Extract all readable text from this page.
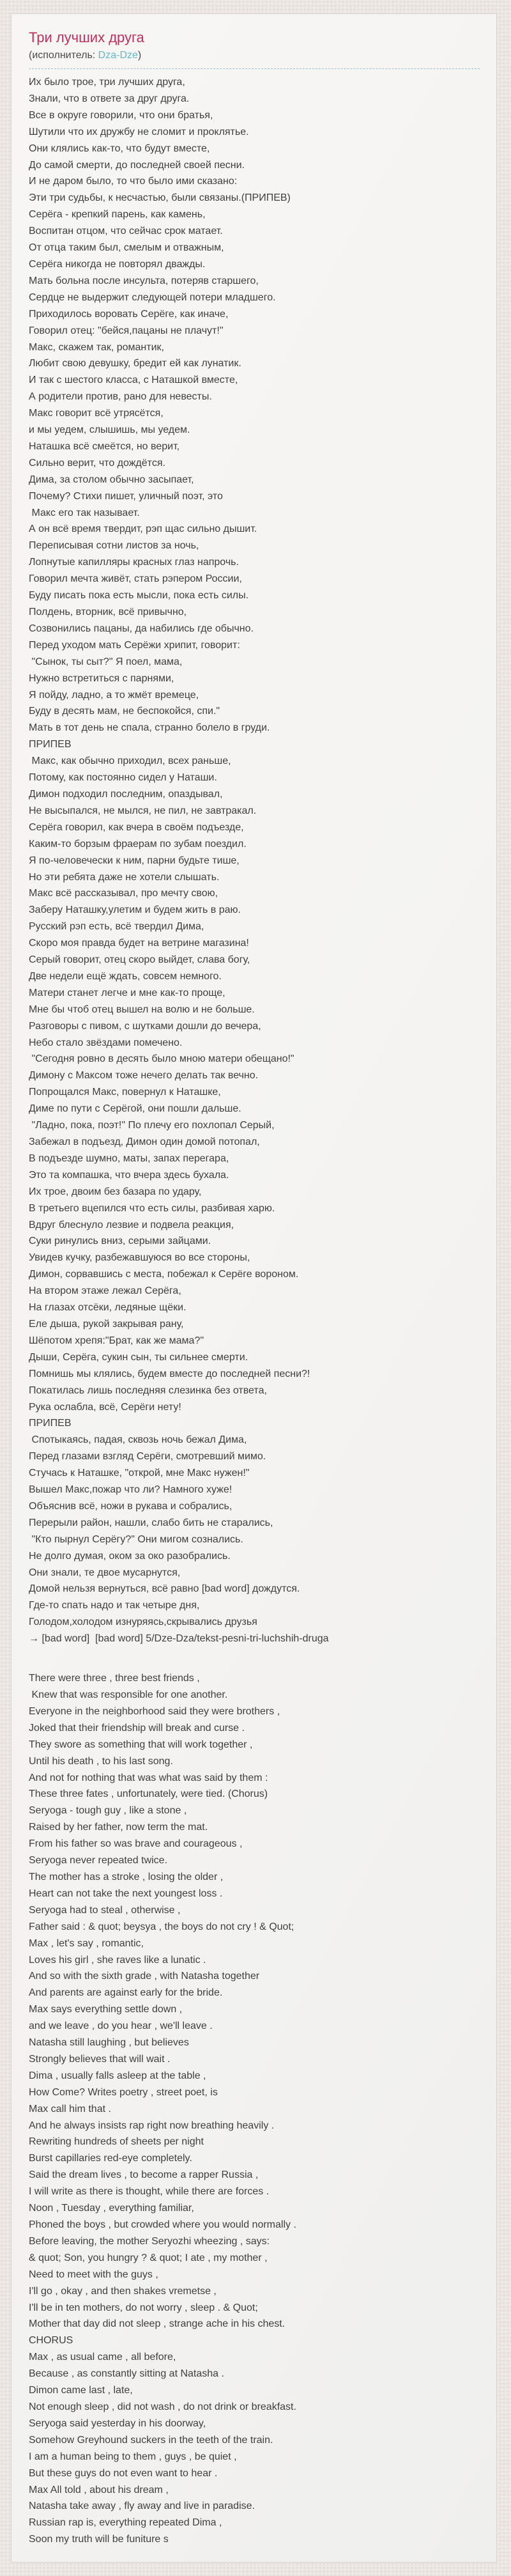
Три лучших друга
(исполнитель: Dza-Dze)
Их было трое, три лучших друга,
Знали, что в ответе за друг друга.
Все в округе говорили, что они братья,
Шутили что их дружбу не сломит и проклятье.
Они клялись как-то, что будут вместе,
До самой смерти, до последней своей песни.
И не даром было, то что было ими сказано:
Эти три судьбы, к несчастью, были связаны.(ПРИПЕВ)
Серёга - крепкий парень, как камень,
Воспитан отцом, что сейчас срок матает.
От отца таким был, смелым и отважным,
Серёга никогда не повторял дважды.
Мать больна после инсульта, потеряв старшего,
Сердце не выдержит следующей потери младшего.
Приходилось воровать Серёге, как иначе,
Говорил отец: "бейся,пацаны не плачут!"
Макс, скажем так, романтик,
Любит свою девушку, бредит ей как лунатик.
И так с шестого класса, с Наташкой вместе,
А родители против, рано для невесты.
Макс говорит всё утрясётся,
и мы уедем, слышишь, мы уедем.
Наташка всё смеётся, но верит,
Сильно верит, что дождётся.
Дима, за столом обычно засыпает,
Почему? Стихи пишет, уличный поэт, это
Макс его так называет.
А он всё время твердит, рэп щас сильно дышит.
Переписывая сотни листов за ночь,
Лопнутые капилляры красных глаз напрочь.
Говорил мечта живёт, стать рэпером России,
Буду писать пока есть мысли, пока есть силы.
Полдень, вторник, всё привычно,
Созвонились пацаны, да набились где обычно.
Перед уходом мать Серёжи хрипит, говорит:
"Сынок, ты сыт?" Я поел, мама,
Нужно встретиться с парнями,
Я пойду, ладно, а то жмёт времеце,
Буду в десять мам, не беспокойся, спи."
Мать в тот день не спала, странно болело в груди.
ПРИПЕВ
Макс, как обычно приходил, всех раньше,
Потому, как постоянно сидел у Наташи.
Димон подходил последним, опаздывал,
Не высыпался, не мылся, не пил, не завтракал.
Серёга говорил, как вчера в своём подъезде,
Каким-то борзым фраерам по зубам поездил.
Я по-человечески к ним, парни будьте тише,
Но эти ребята даже не хотели слышать.
Макс всё рассказывал, про мечту свою,
Заберу Наташку,улетим и будем жить в раю.
Русский рэп есть, всё твердил Дима,
Скоро моя правда будет на ветрине магазина!
Серый говорит, отец скоро выйдет, слава богу,
Две недели ещё ждать, совсем немного.
Матери станет легче и мне как-то проще,
Мне бы чтоб отец вышел на волю и не больше.
Разговоры с пивом, с шутками дошли до вечера,
Небо стало звёздами помечено.
"Сегодня ровно в десять было мною матери обещано!"
Димону с Максом тоже нечего делать так вечно.
Попрощался Макс, повернул к Наташке,
Диме по пути с Серёгой, они пошли дальше.
"Ладно, пока, поэт!" По плечу его похлопал Серый,
Забежал в подъезд, Димон один домой потопал,
В подъезде шумно, маты, запах перегара,
Это та компашка, что вчера здесь бухала.
Их трое, двоим без базара по удару,
В третьего вцепился что есть силы, разбивая харю.
Вдруг блеснуло лезвие и подвела реакция,
Суки ринулись вниз, серыми зайцами.
Увидев кучку, разбежавшуюся во все стороны,
Димон, сорвавшись с места, побежал к Серёге вороном.
На втором этаже лежал Серёга,
На глазах отсёки, ледяные щёки.
Еле дыша, рукой закрывая рану,
Шёпотом хрепя:"Брат, как же мама?"
Дыши, Серёга, сукин сын, ты сильнее смерти.
Помнишь мы клялись, будем вместе до последней песни?!
Покатилась лишь последняя слезинка без ответа,
Рука ослабла, всё, Серёги нету!
ПРИПЕВ
Спотыкаясь, падая, сквозь ночь бежал Дима,
Перед глазами взгляд Серёги, смотревший мимо.
Стучась к Наташке, "открой, мне Макс нужен!"
Вышел Макс,пожар что ли? Намного хуже!
Объяснив всё, ножи в рукава и собрались,
Перерыли район, нашли, слабо бить не старались,
"Кто пырнул Серёгу?" Они мигом сознались.
Не долго думая, оком за око разобрались.
Они знали, те двое мусарнутся,
Домой нельзя вернуться, всё равно [bad word] дождутся.
Где-то спать надо и так четыре дня,
Голодом,холодом изнуряясь,скрывались друзья
→ [bad word]  [bad word] 5/Dze-Dza/tekst-pesni-tri-luchshih-druga
There were three , three best friends ,
Knew that was responsible for one another.
Everyone in the neighborhood said they were brothers ,
Joked that their friendship will break and curse .
They swore as something that will work together ,
Until his death , to his last song.
And not for nothing that was what was said by them :
These three fates , unfortunately, were tied. (Chorus)
Seryoga - tough guy , like a stone ,
Raised by her father, now term the mat.
From his father so was brave and courageous ,
Seryoga never repeated twice.
The mother has a stroke , losing the older ,
Heart can not take the next youngest loss .
Seryoga had to steal , otherwise ,
Father said : & quot; beysya , the boys do not cry ! & Quot;
Max , let's say , romantic,
Loves his girl , she raves like a lunatic .
And so with the sixth grade , with Natasha together
And parents are against early for the bride.
Max says everything settle down ,
and we leave , do you hear , we'll leave .
Natasha still laughing , but believes
Strongly believes that will wait .
Dima , usually falls asleep at the table ,
How Come? Writes poetry , street poet, is
Max call him that .
And he always insists rap right now breathing heavily .
Rewriting hundreds of sheets per night
Burst capillaries red-eye completely.
Said the dream lives , to become a rapper Russia ,
I will write as there is thought, while there are forces .
Noon , Tuesday , everything familiar,
Phoned the boys , but crowded where you would normally .
Before leaving, the mother Seryozhi wheezing , says:
& quot; Son, you hungry ? & quot; I ate , my mother ,
Need to meet with the guys ,
I'll go , okay , and then shakes vremetse ,
I'll be in ten mothers, do not worry , sleep . & Quot;
Mother that day did not sleep , strange ache in his chest.
CHORUS
Max , as usual came , all before,
Because , as constantly sitting at Natasha .
Dimon came last , late,
Not enough sleep , did not wash , do not drink or breakfast.
Seryoga said yesterday in his doorway,
Somehow Greyhound suckers in the teeth of the train.
I am a human being to them , guys , be quiet ,
But these guys do not even want to hear .
Max All told , about his dream ,
Natasha take away , fly away and live in paradise.
Russian rap is, everything repeated Dima ,
Soon my truth will be funiture s
